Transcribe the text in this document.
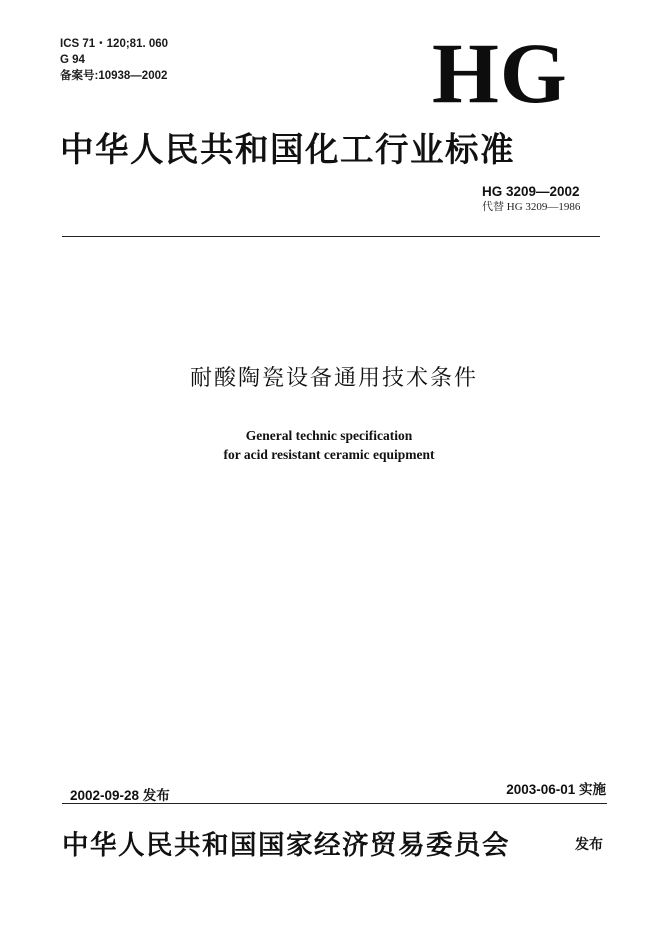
ICS 71・120;81. 060
G 94
备案号:10938—2002	HG
中华人民共和国化工行业标准
HG 3209—2002
代替 HG 3209—1986
耐酸陶瓷设备通用技术条件
General technic specification
for acid resistant ceramic equipment
2002-09-28 发布	2003-06-01 实施
中华人民共和国国家经济贸易委员会	发布
